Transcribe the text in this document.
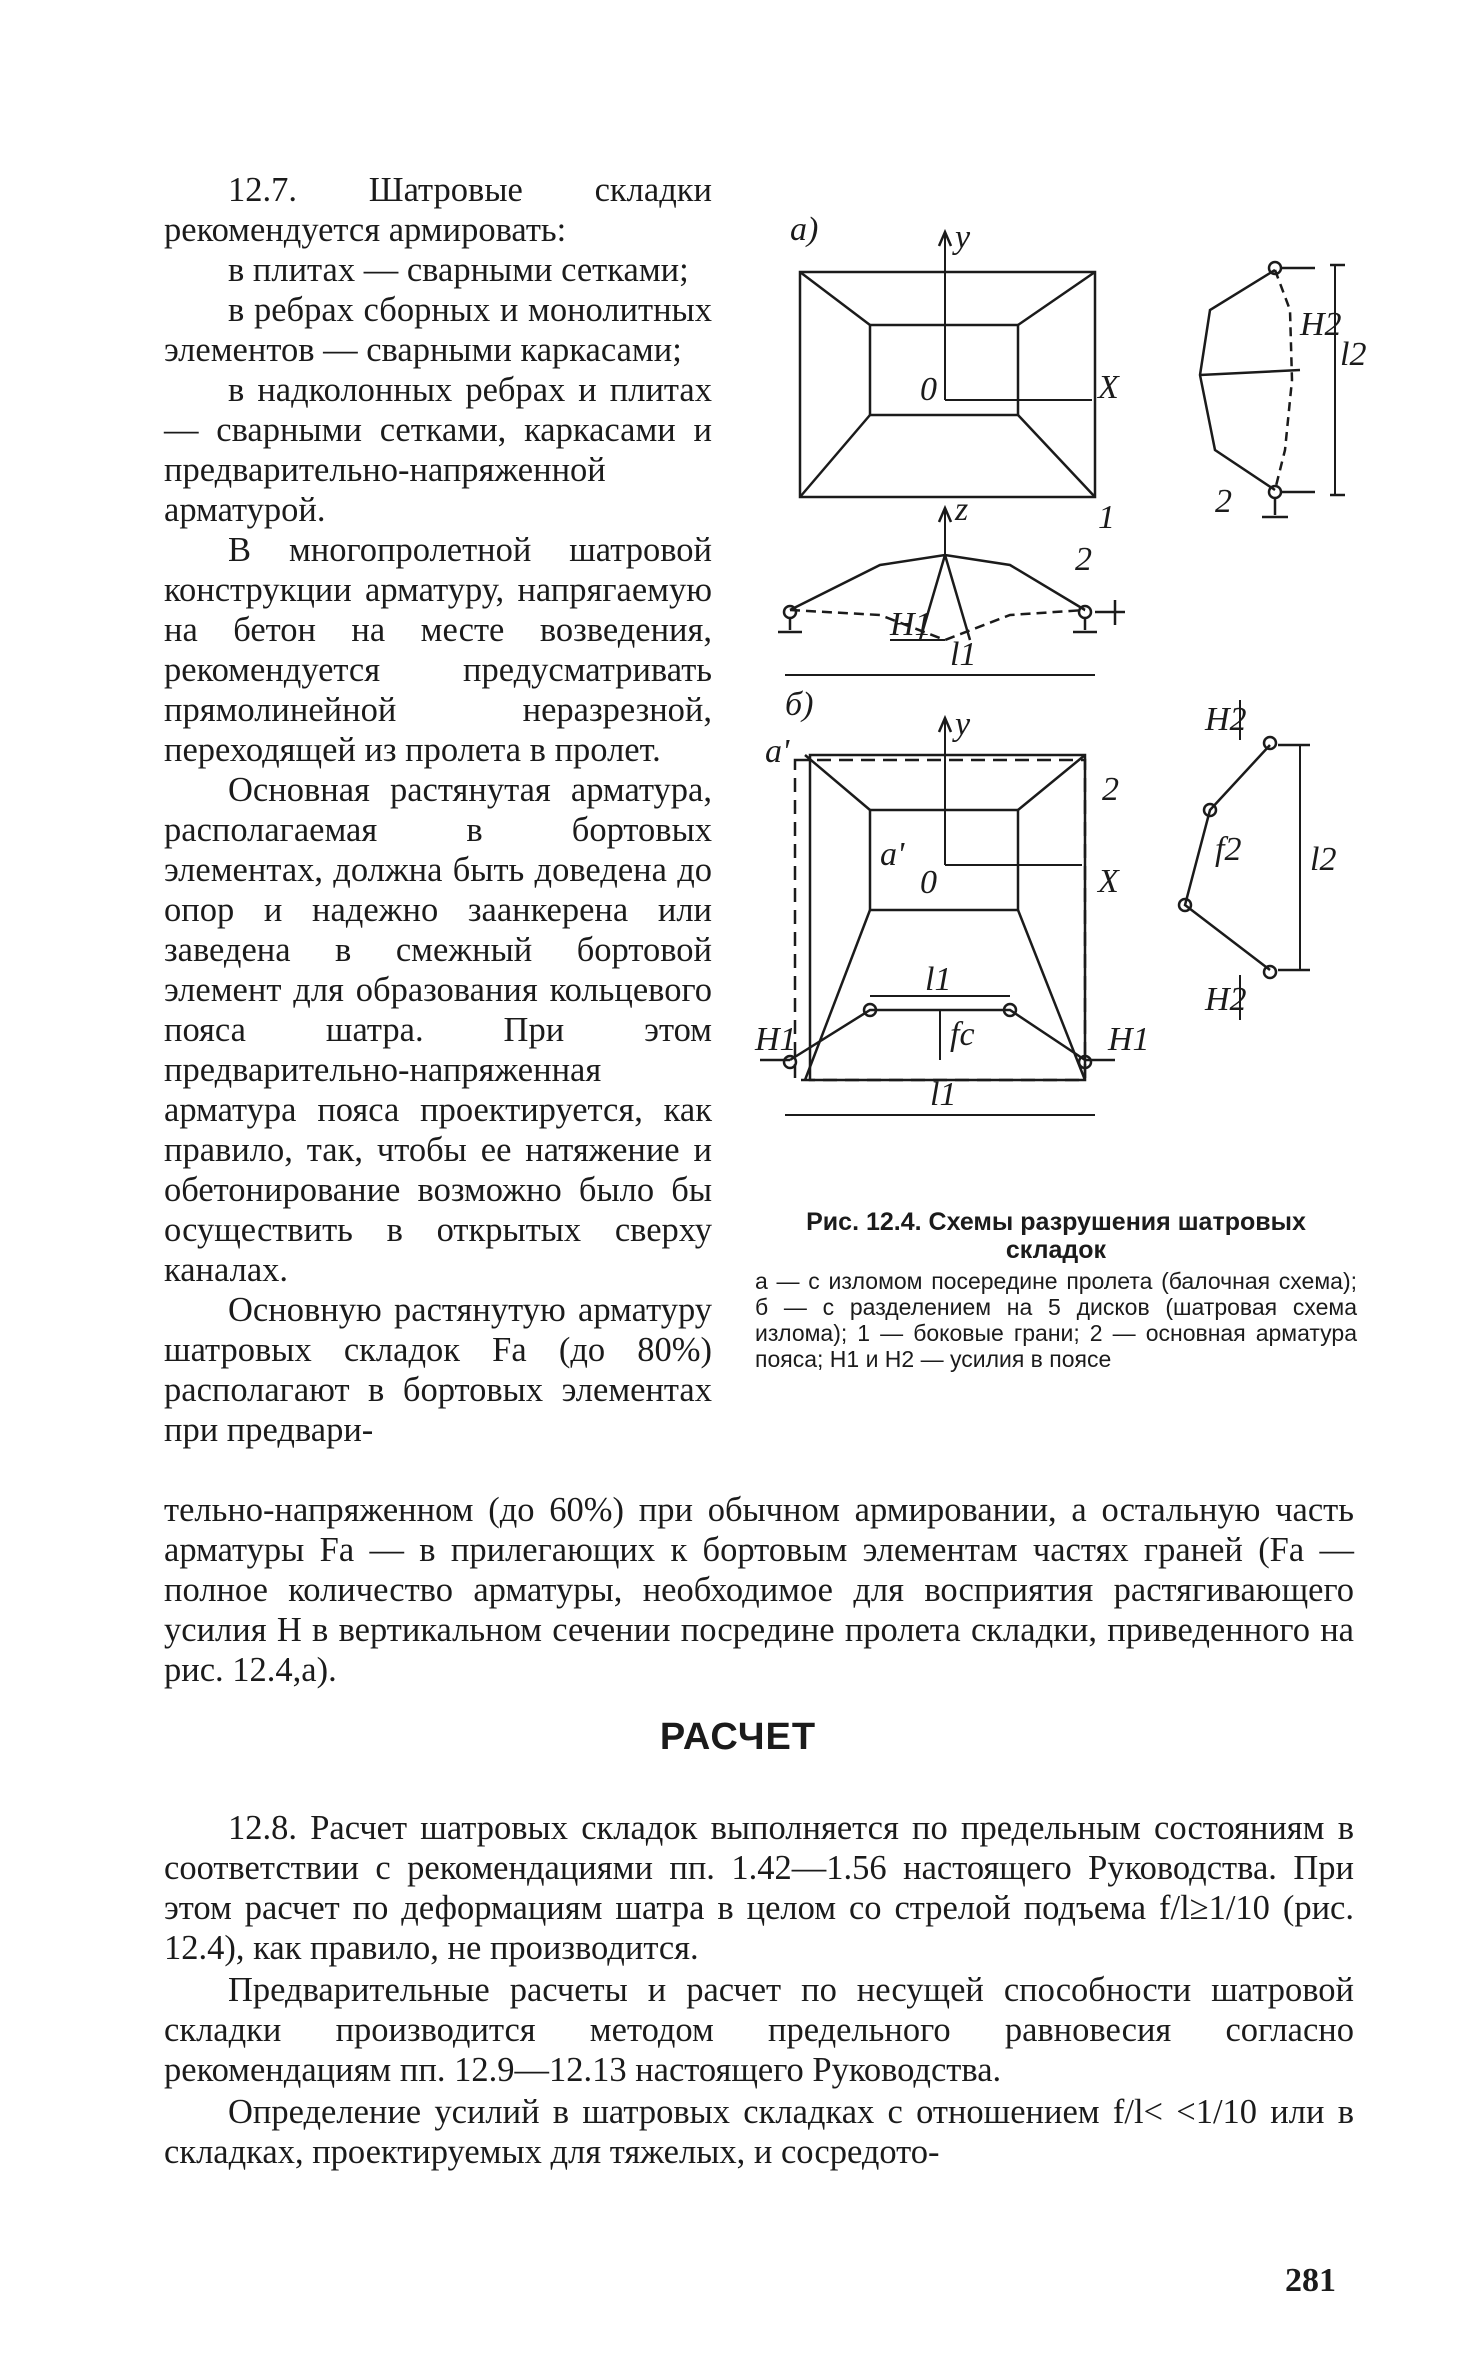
12.7. Шатровые складки рекомендуется армировать:

в плитах — сварными сетками;

в ребрах сборных и монолитных элементов — сварными каркасами;

в надколонных ребрах и плитах — сварными сетками, каркасами и предварительно-напряженной арматурой.

В многопролетной шатровой конструкции арматуру, напрягаемую на бетон на месте возведения, рекомендуется предусматривать прямолинейной неразрезной, переходящей из пролета в пролет.

Основная растянутая арматура, располагаемая в бортовых элементах, должна быть доведена до опор и надежно заанкерена или заведена в смежный бортовой элемент для образования кольцевого пояса шатра. При этом предварительно-напряженная арматура пояса проектируется, как правило, так, чтобы ее натяжение и обетонирование возможно было бы осуществить в открытых сверху каналах.

Основную растянутую арматуру шатровых складок Fa (до 80%) располагают в бортовых элементах при предвари-

тельно-напряженном (до 60%) при обычном армировании, а остальную часть арматуры Fa — в прилегающих к бортовым элементам частях граней (Fa — полное количество арматуры, необходимое для восприятия растягивающего усилия H в вертикальном сечении посредине пролета складки, приведенного на рис. 12.4,а).

РАСЧЕТ

12.8. Расчет шатровых складок выполняется по предельным состояниям в соответствии с рекомендациями пп. 1.42—1.56 настоящего Руководства. При этом расчет по деформациям шатра в целом со стрелой подъема f/l≥1/10 (рис. 12.4), как правило, не производится.

Предварительные расчеты и расчет по несущей способности шатровой складки производится методом предельного равновесия согласно рекомендациям пп. 12.9—12.13 настоящего Руководства.

Определение усилий в шатровых складках с отношением f/l< <1/10 или в складках, проектируемых для тяжелых, и сосредото-

а)	y
0	X
1
z
2
H1
l1
2
H2
l2
б)
y
а'
а'
2
0	X
l1
fc
H1	H1
l1
f2 l2
H2
H2
Рис. 12.4. Схемы разрушения шатровых складок
а — с изломом посередине пролета (балочная схема); б — с разделением на 5 дисков (шатровая схема излома); 1 — боковые грани; 2 — основная арматура пояса; H1 и H2 — усилия в поясе
281
